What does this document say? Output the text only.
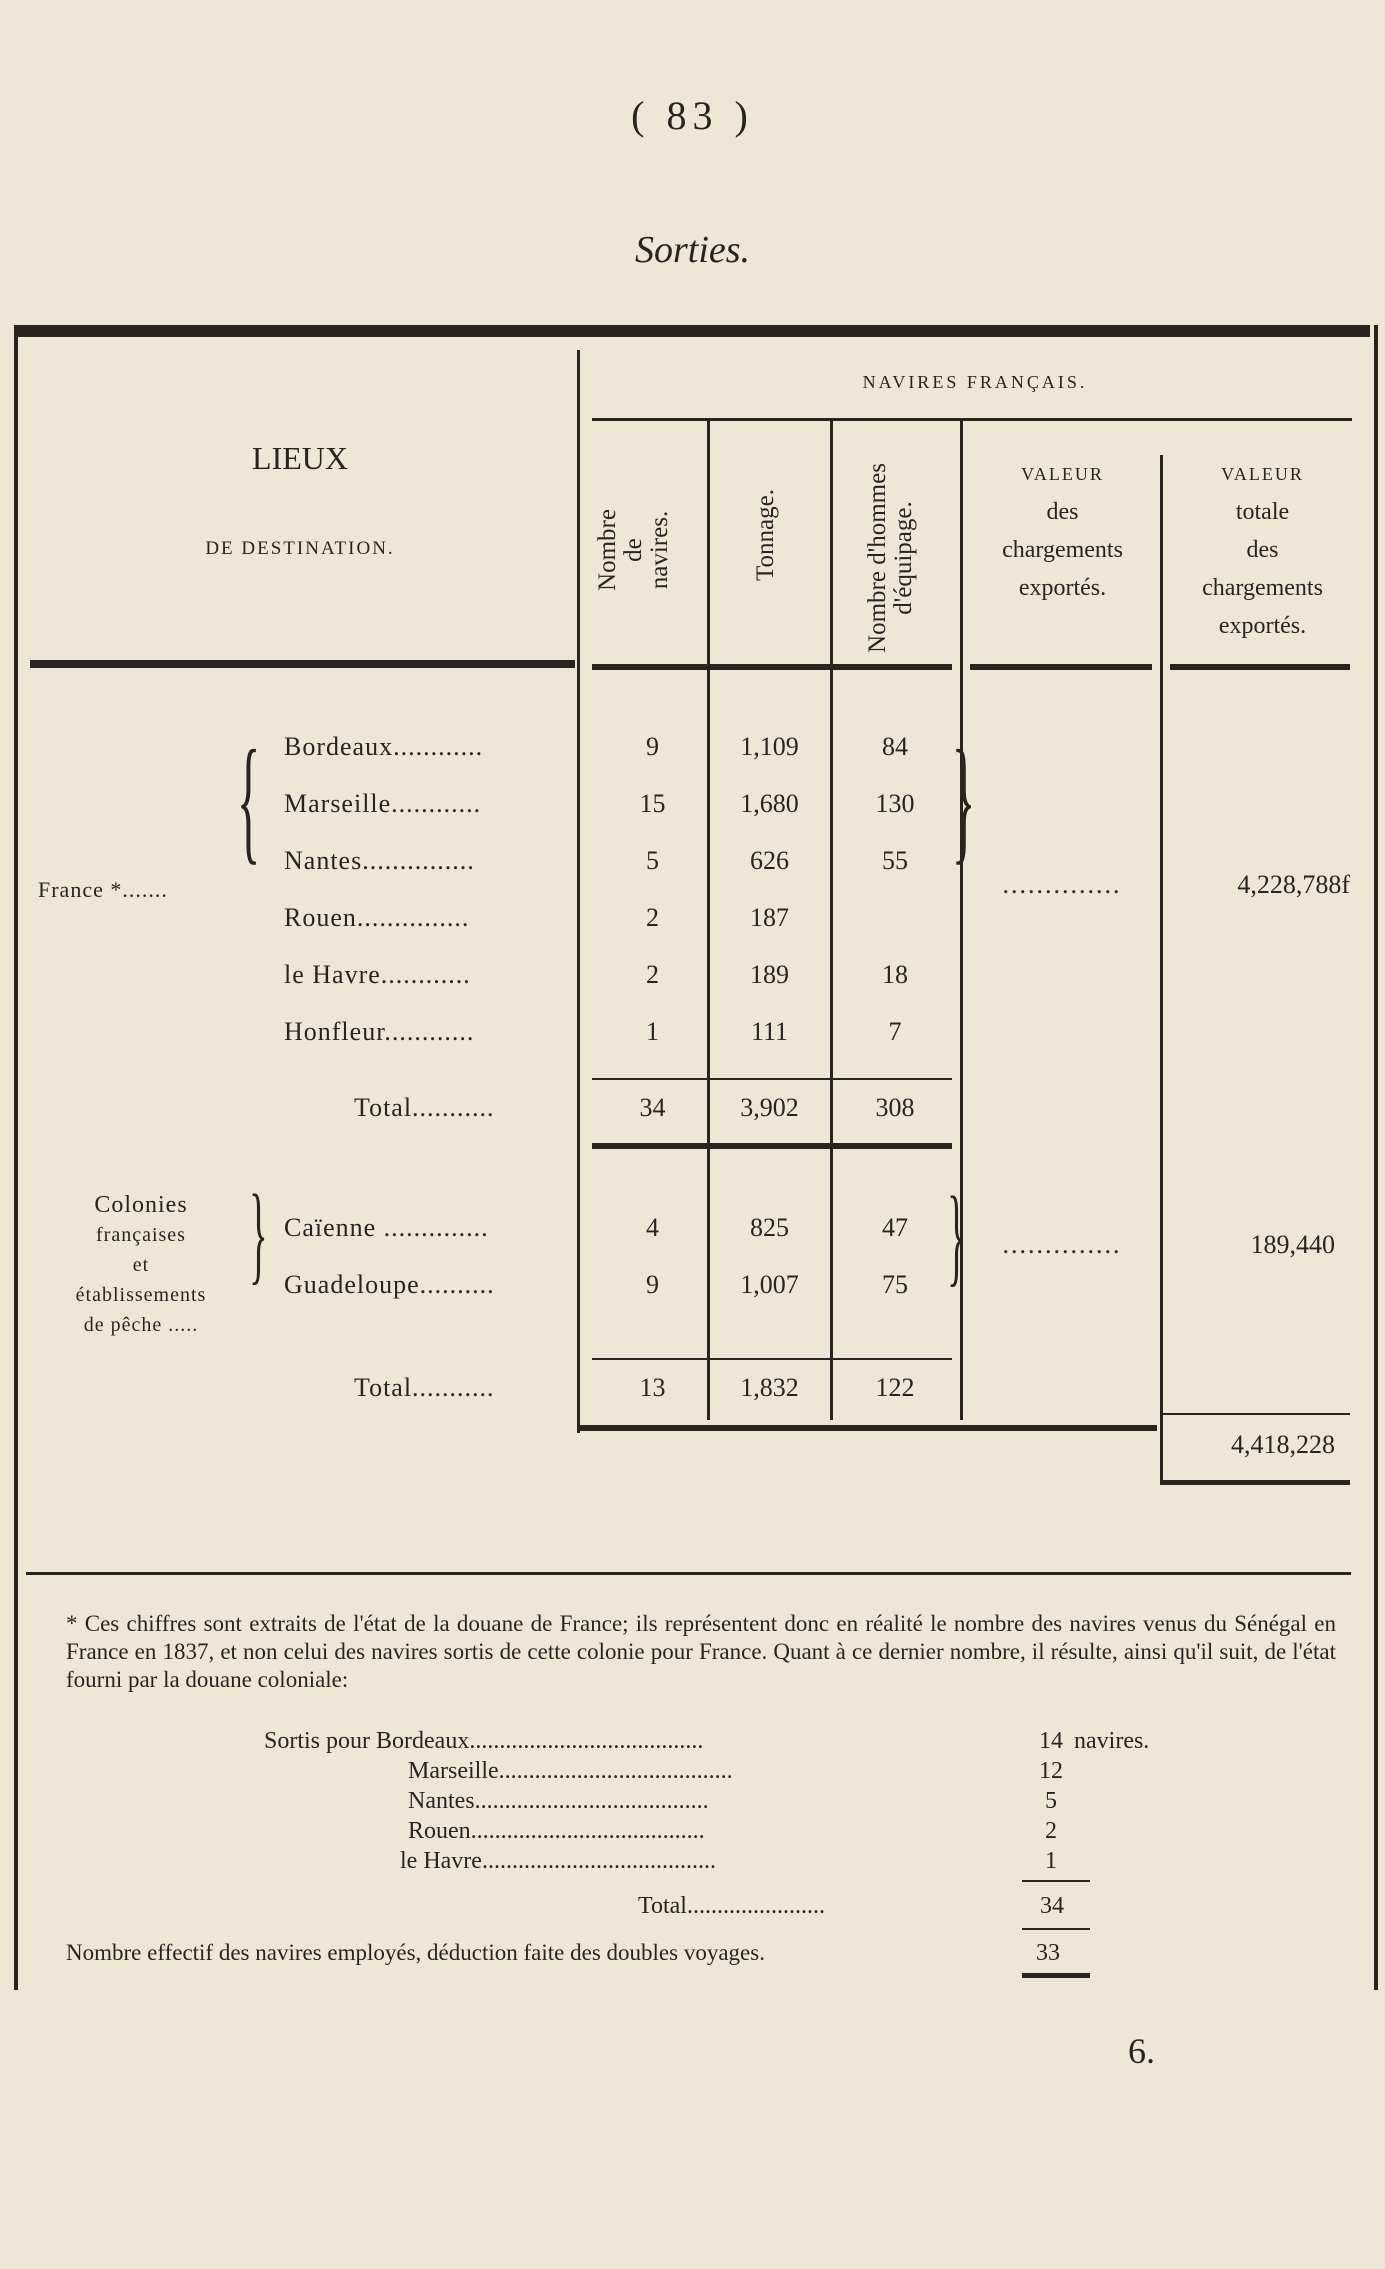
( 83 )
Sorties.
LIEUX
DE DESTINATION.
NAVIRES FRANÇAIS.
Nombre de navires.	Tonnage.	Nombre d'hommes d'équipage.
VALEUR
des
chargements
exportés.
VALEUR
totale
des
chargements
exportés.
France *.......
{ Bordeaux............	9	1,109	84
Marseille............	15	1,680	130
Nantes...............	5	626	55
Rouen...............	2	187
le Havre............	2	189	18
Honfleur............	1	111	7
}
..............	4,228,788f
Total...........	34	3,902	308
Colonies
françaises
et
établissements
de pêche .....
} Caïenne ..............	4	825	47
Guadeloupe..........	9	1,007	75 }	..............	189,440
Total...........	13	1,832	122
4,418,228
* Ces chiffres sont extraits de l'état de la douane de France; ils représentent donc en réalité le nombre des navires venus du Sénégal en France en 1837, et non celui des navires sortis de cette colonie pour France. Quant à ce dernier nombre, il résulte, ainsi qu'il suit, de l'état fourni par la douane coloniale:
Sortis pour Bordeaux.......................................	14 navires.
Marseille.......................................	12
Nantes.......................................	5
Rouen.......................................	2
le Havre.......................................	1
Total.......................	34
Nombre effectif des navires employés, déduction faite des doubles voyages.	33
6.
